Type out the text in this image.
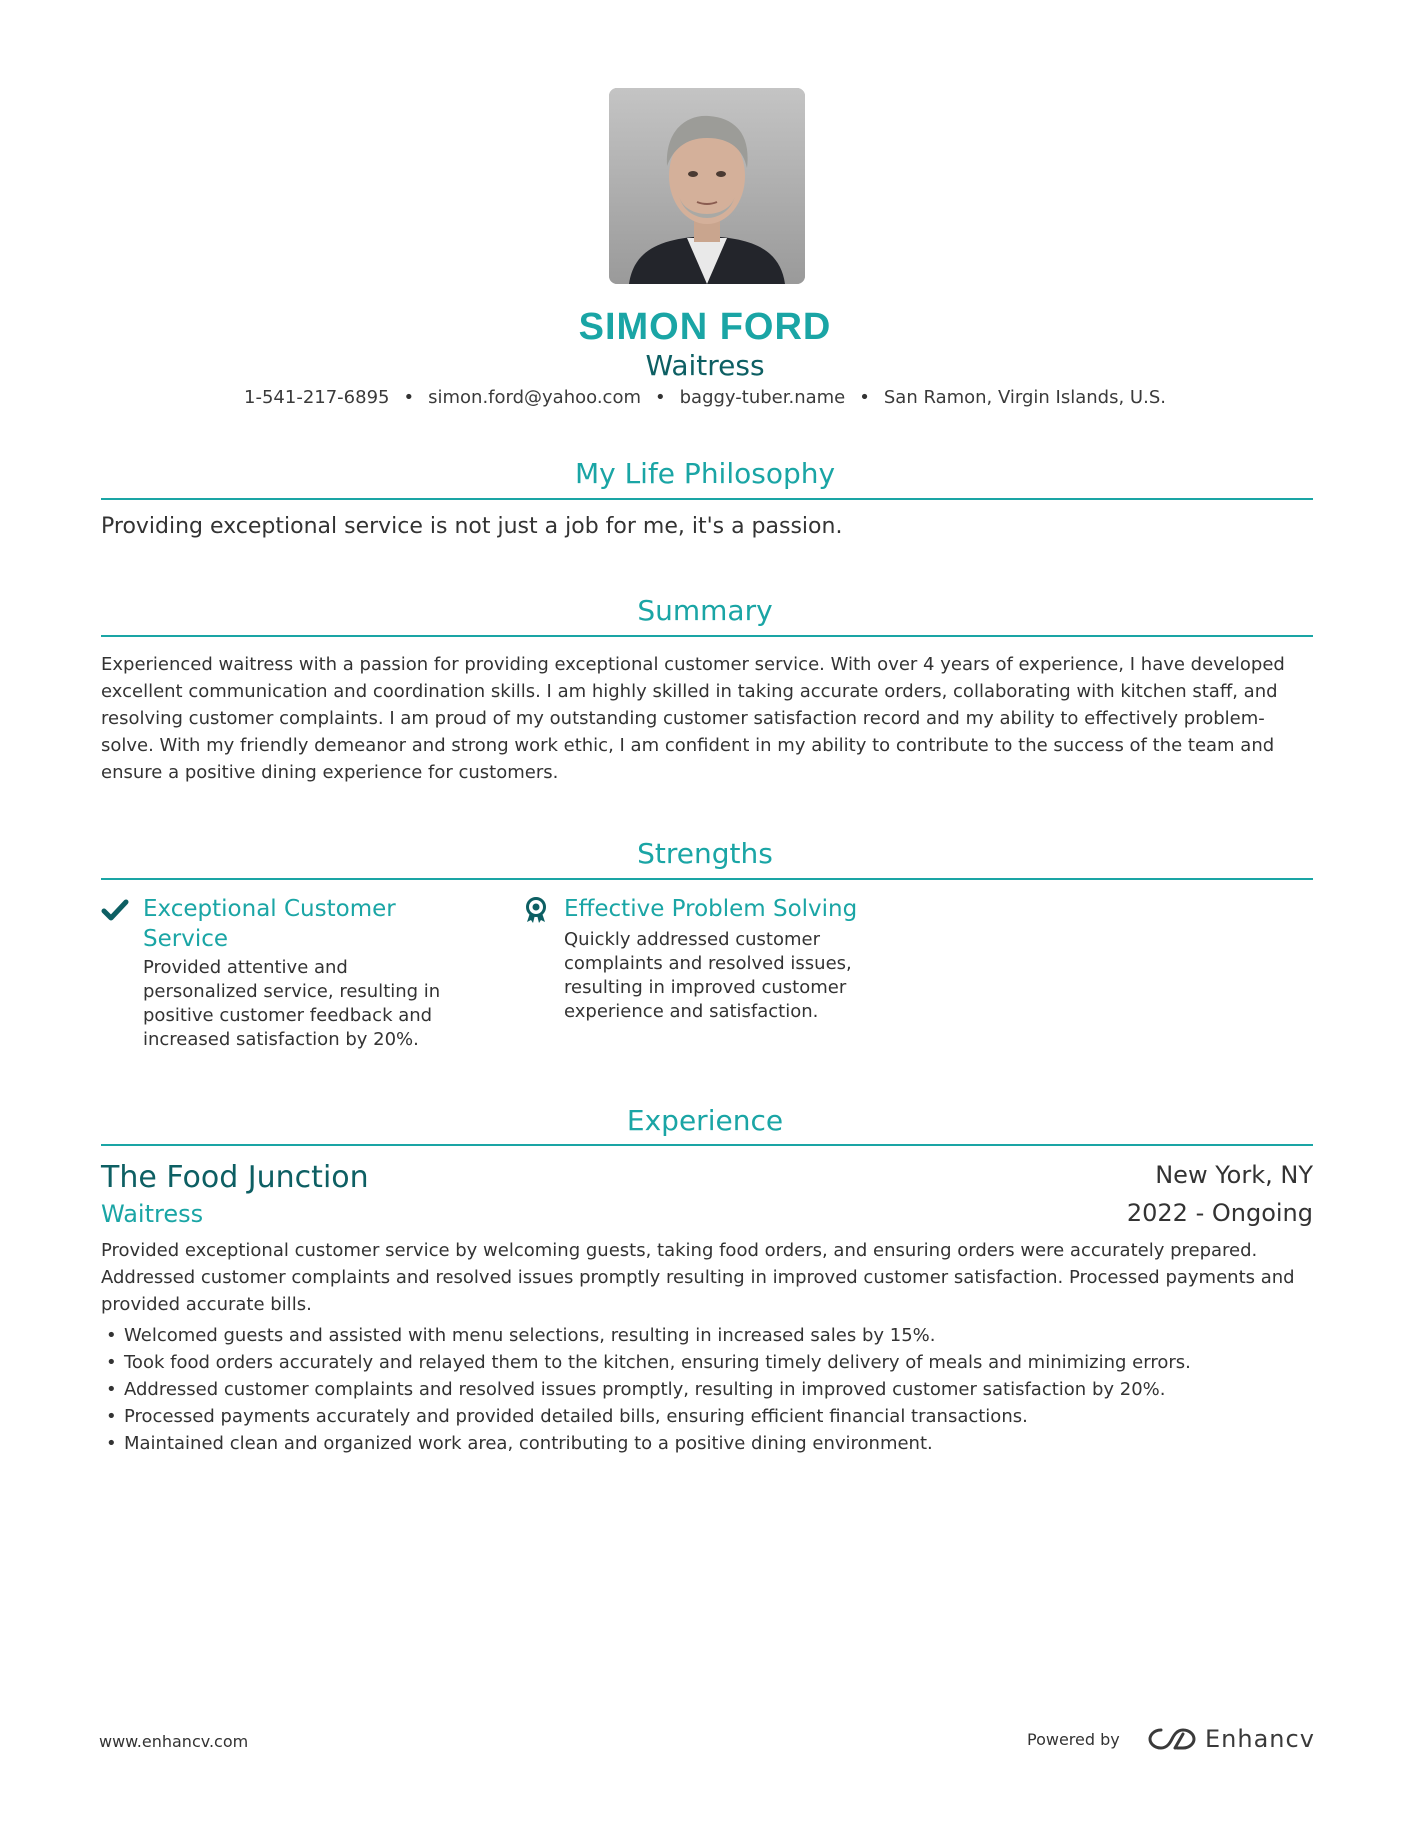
SIMON FORD
Waitress
1-541-217-6895 • simon.ford@yahoo.com • baggy-tuber.name • San Ramon, Virgin Islands, U.S.
My Life Philosophy
Providing exceptional service is not just a job for me, it's a passion.
Summary
Experienced waitress with a passion for providing exceptional customer service. With over 4 years of experience, I have developed excellent communication and coordination skills. I am highly skilled in taking accurate orders, collaborating with kitchen staff, and resolving customer complaints. I am proud of my outstanding customer satisfaction record and my ability to effectively problem-solve. With my friendly demeanor and strong work ethic, I am confident in my ability to contribute to the success of the team and ensure a positive dining experience for customers.
Strengths
Exceptional Customer Service
Provided attentive and personalized service, resulting in positive customer feedback and increased satisfaction by 20%.
Effective Problem Solving
Quickly addressed customer complaints and resolved issues, resulting in improved customer experience and satisfaction.
Experience
The Food Junction	New York, NY
Waitress	2022 - Ongoing
Provided exceptional customer service by welcoming guests, taking food orders, and ensuring orders were accurately prepared. Addressed customer complaints and resolved issues promptly resulting in improved customer satisfaction. Processed payments and provided accurate bills.
• Welcomed guests and assisted with menu selections, resulting in increased sales by 15%.
• Took food orders accurately and relayed them to the kitchen, ensuring timely delivery of meals and minimizing errors.
• Addressed customer complaints and resolved issues promptly, resulting in improved customer satisfaction by 20%.
• Processed payments accurately and provided detailed bills, ensuring efficient financial transactions.
• Maintained clean and organized work area, contributing to a positive dining environment.
www.enhancv.com	Powered by	Enhancv
